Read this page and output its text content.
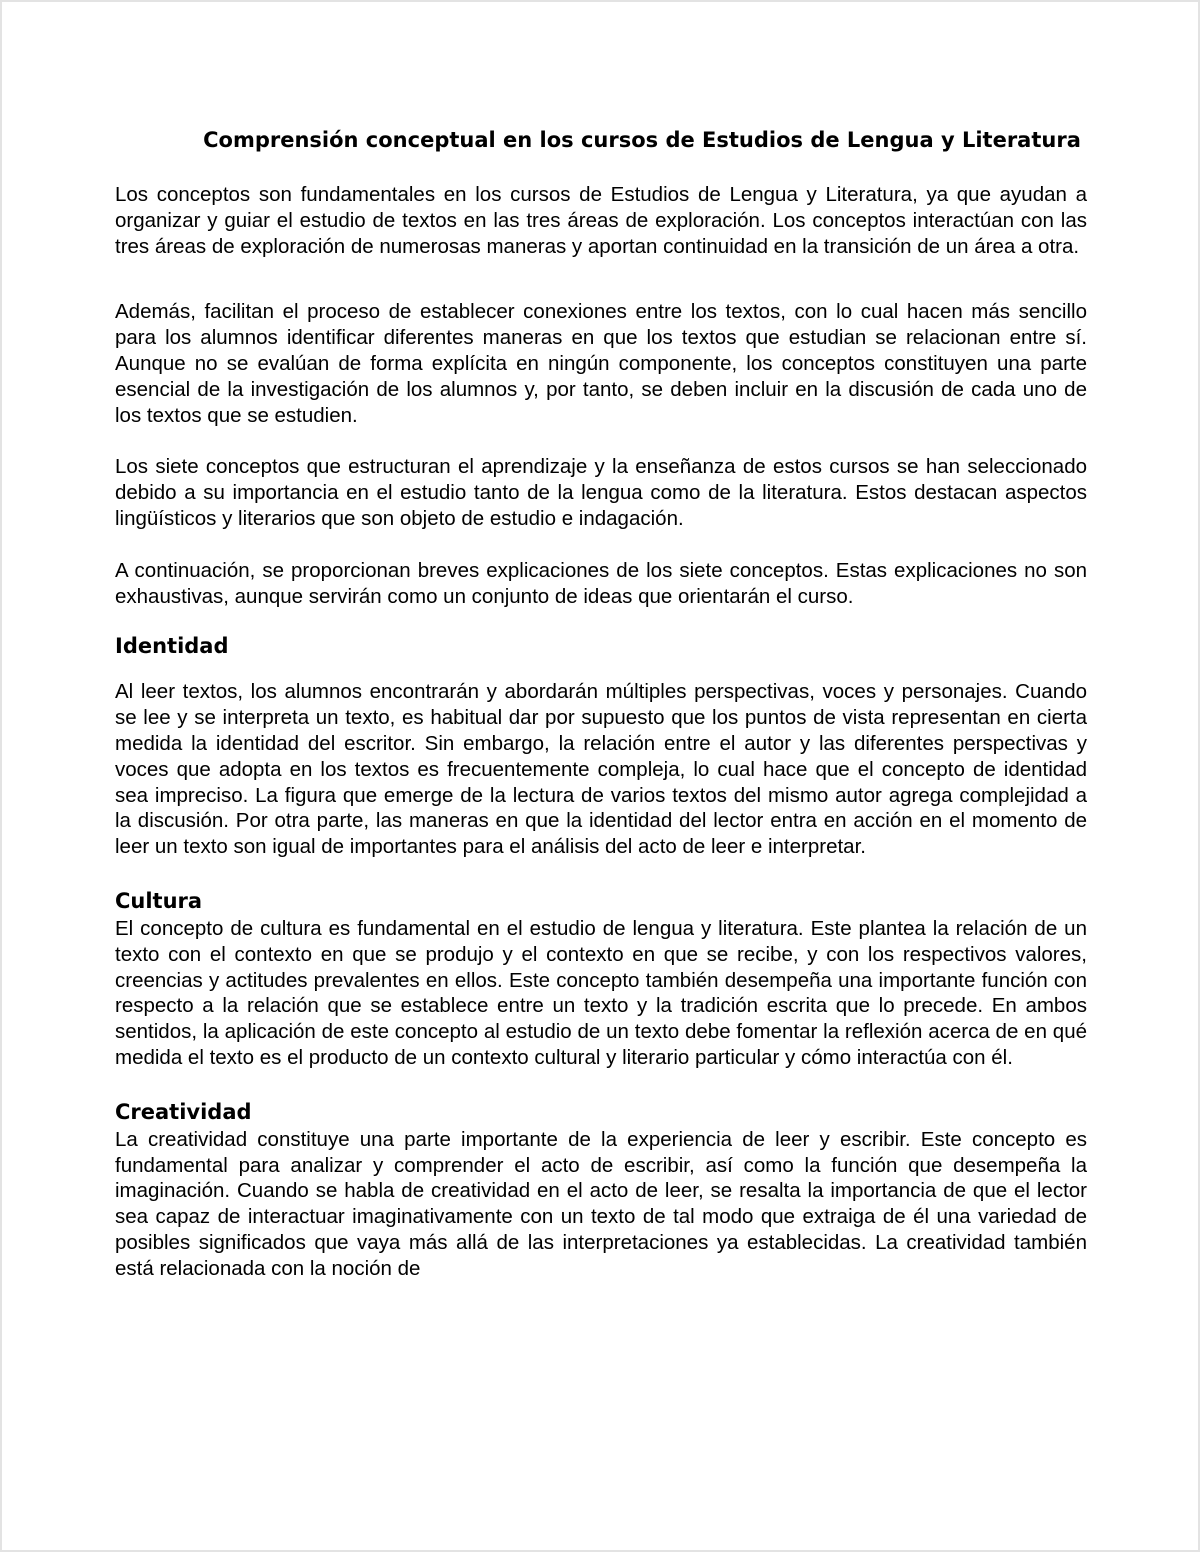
Comprensión conceptual en los cursos de Estudios de Lengua y Literatura

Los conceptos son fundamentales en los cursos de Estudios de Lengua y Literatura, ya que ayudan a organizar y guiar el estudio de textos en las tres áreas de exploración. Los conceptos interactúan con las tres áreas de exploración de numerosas maneras y aportan continuidad en la transición de un área a otra.

Además, facilitan el proceso de establecer conexiones entre los textos, con lo cual hacen más sencillo para los alumnos identificar diferentes maneras en que los textos que estudian se relacionan entre sí. Aunque no se evalúan de forma explícita en ningún componente, los conceptos constituyen una parte esencial de la investigación de los alumnos y, por tanto, se deben incluir en la discusión de cada uno de los textos que se estudien.

Los siete conceptos que estructuran el aprendizaje y la enseñanza de estos cursos se han seleccionado debido a su importancia en el estudio tanto de la lengua como de la literatura. Estos destacan aspectos lingüísticos y literarios que son objeto de estudio e indagación.

A continuación, se proporcionan breves explicaciones de los siete conceptos. Estas explicaciones no son exhaustivas, aunque servirán como un conjunto de ideas que orientarán el curso.

Identidad

Al leer textos, los alumnos encontrarán y abordarán múltiples perspectivas, voces y personajes. Cuando se lee y se interpreta un texto, es habitual dar por supuesto que los puntos de vista representan en cierta medida la identidad del escritor. Sin embargo, la relación entre el autor y las diferentes perspectivas y voces que adopta en los textos es frecuentemente compleja, lo cual hace que el concepto de identidad sea impreciso. La figura que emerge de la lectura de varios textos del mismo autor agrega complejidad a la discusión. Por otra parte, las maneras en que la identidad del lector entra en acción en el momento de leer un texto son igual de importantes para el análisis del acto de leer e interpretar.

Cultura

El concepto de cultura es fundamental en el estudio de lengua y literatura. Este plantea la relación de un texto con el contexto en que se produjo y el contexto en que se recibe, y con los respectivos valores, creencias y actitudes prevalentes en ellos. Este concepto también desempeña una importante función con respecto a la relación que se establece entre un texto y la tradición escrita que lo precede. En ambos sentidos, la aplicación de este concepto al estudio de un texto debe fomentar la reflexión acerca de en qué medida el texto es el producto de un contexto cultural y literario particular y cómo interactúa con él.

Creatividad

La creatividad constituye una parte importante de la experiencia de leer y escribir. Este concepto es fundamental para analizar y comprender el acto de escribir, así como la función que desempeña la imaginación. Cuando se habla de creatividad en el acto de leer, se resalta la importancia de que el lector sea capaz de interactuar imaginativamente con un texto de tal modo que extraiga de él una variedad de posibles significados que vaya más allá de las interpretaciones ya establecidas. La creatividad también está relacionada con la noción de
